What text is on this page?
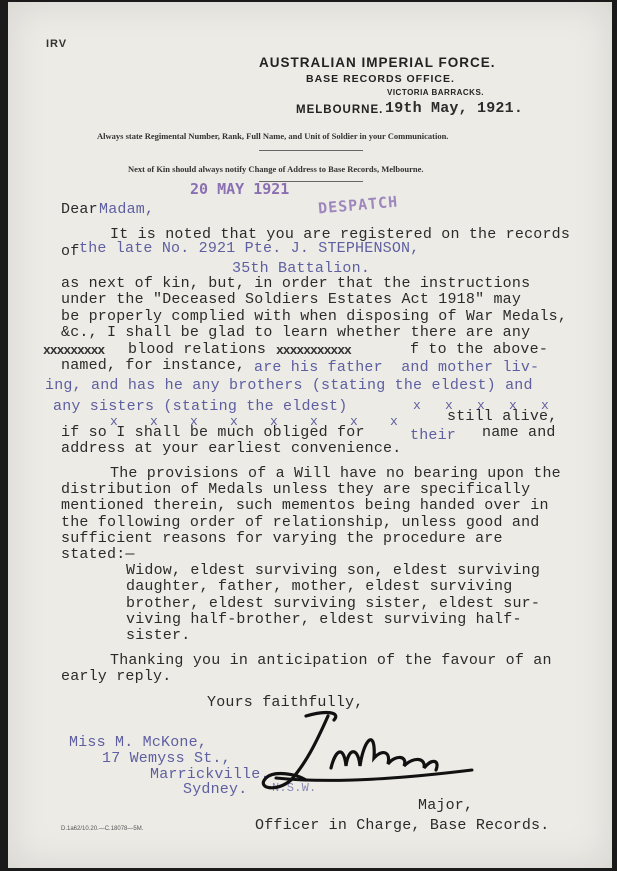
IRV
AUSTRALIAN IMPERIAL FORCE.
BASE RECORDS OFFICE.
VICTORIA BARRACKS.
MELBOURNE. 19th May, 1921.
Always state Regimental Number, Rank, Full Name, and Unit of Soldier in your Communication.
Next of Kin should always notify Change of Address to Base Records, Melbourne.
20 MAY 1921
DESPATCH
Dear Madam,
It is noted that you are registered on the records
of the late No. 2921 Pte. J. STEPHENSON,
35th Battalion.
as next of kin, but, in order that the instructions
under the "Deceased Soldiers Estates Act 1918" may
be properly complied with when disposing of War Medals,
&c., I shall be glad to learn whether there are any
xxxxxxxxx blood relations xxxxxxxxxxx	f to the above-
named, for instance, are his father  and mother liv-
ing, and has he any brothers (stating the eldest) and
any sisters (stating the eldest)	x   x   x   x   x
x    x    x    x    x    x    x    x	still alive,
if so I shall be much obliged for	their name and
address at your earliest convenience.
The provisions of a Will have no bearing upon the
distribution of Medals unless they are specifically
mentioned therein, such mementos being handed over in
the following order of relationship, unless good and
sufficient reasons for varying the procedure are
stated:—
Widow, eldest surviving son, eldest surviving
daughter, father, mother, eldest surviving
brother, eldest surviving sister, eldest sur-
viving half-brother, eldest surviving half-
sister.
Thanking you in anticipation of the favour of an
early reply.
Yours faithfully,
Miss M. McKone,
17 Wemyss St.,
Marrickville.
Sydney. N.S.W.
Major,
Officer in Charge, Base Records.
D.1a62/10.20.—C.18078—5M.
